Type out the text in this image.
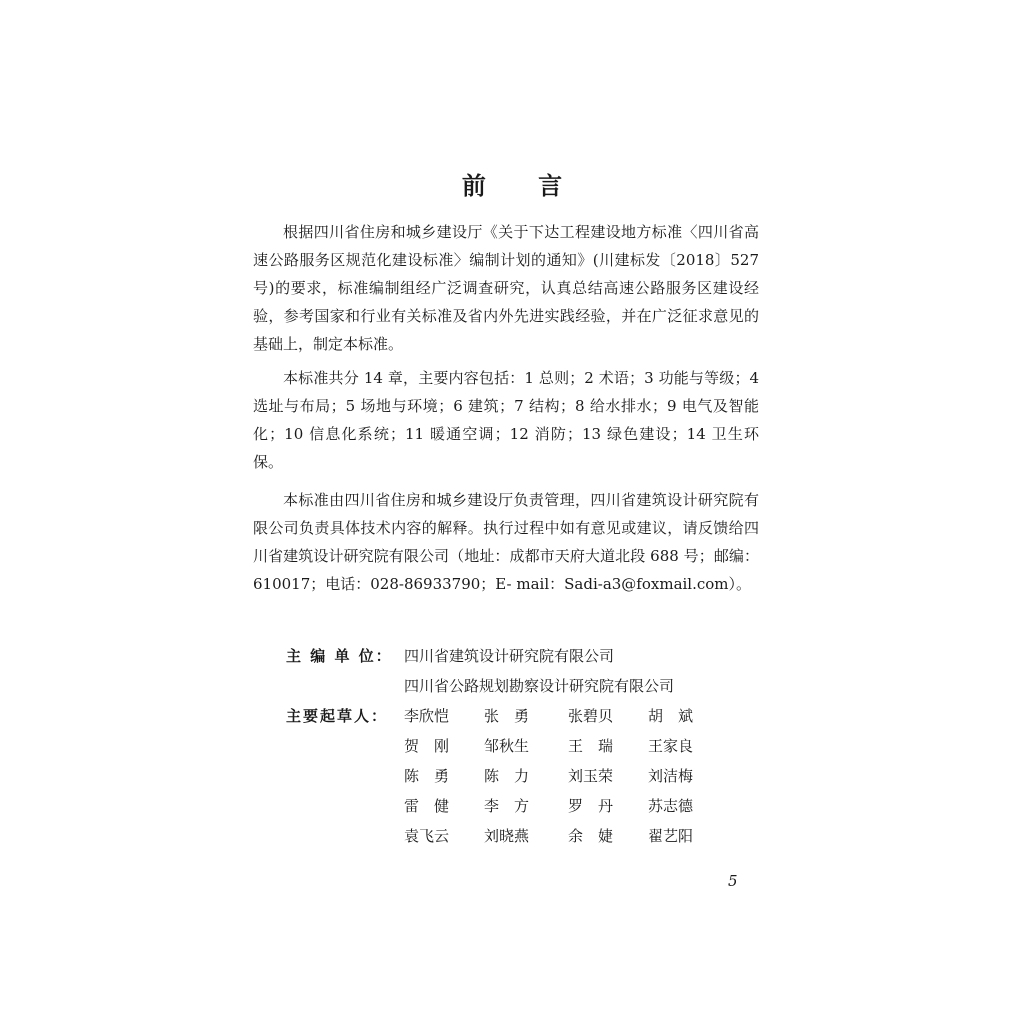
前 言

根据四川省住房和城乡建设厅《关于下达工程建设地方标准〈四川省高速公路服务区规范化建设标准〉编制计划的通知》(川建标发〔2018〕527 号)的要求，标准编制组经广泛调查研究，认真总结高速公路服务区建设经验，参考国家和行业有关标准及省内外先进实践经验，并在广泛征求意见的基础上，制定本标准。

本标准共分 14 章，主要内容包括：1 总则；2 术语；3 功能与等级；4 选址与布局；5 场地与环境；6 建筑；7 结构；8 给水排水；9 电气及智能化；10 信息化系统；11 暖通空调；12 消防；13 绿色建设；14 卫生环保。

本标准由四川省住房和城乡建设厅负责管理，四川省建筑设计研究院有限公司负责具体技术内容的解释。执行过程中如有意见或建议，请反馈给四川省建筑设计研究院有限公司（地址：成都市天府大道北段 688 号；邮编：610017；电话：028-86933790；E- mail：Sadi-a3@foxmail.com）。

主 编 单 位： 四川省建筑设计研究院有限公司
四川省公路规划勘察设计研究院有限公司
主要起草人：	李欣恺	张　勇	张碧贝	胡　斌
贺　刚	邹秋生	王　瑞	王家良
陈　勇	陈　力	刘玉荣	刘洁梅
雷　健	李　方	罗　丹	苏志德
袁飞云	刘晓燕	余　婕	翟艺阳
5
